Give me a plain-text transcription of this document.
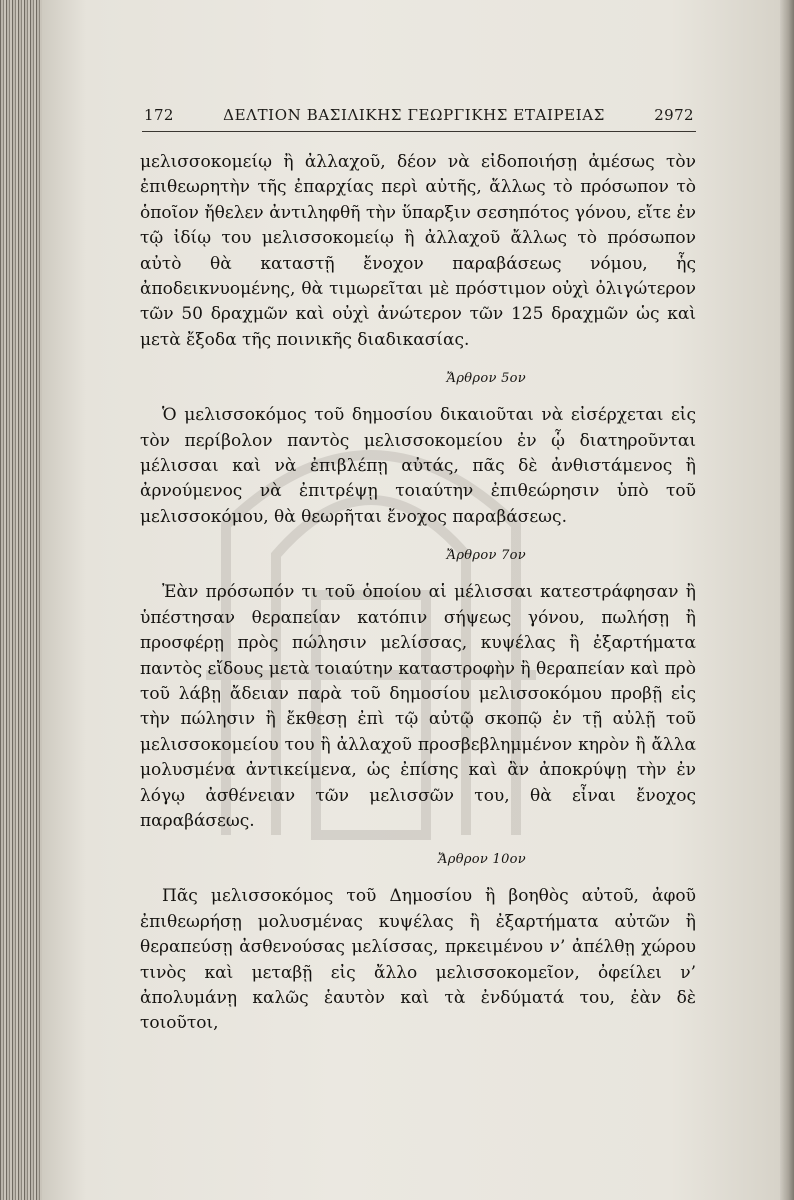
172	ΔΕΛΤΙΟΝ ΒΑΣΙΛΙΚΗΣ ΓΕΩΡΓΙΚΗΣ ΕΤΑΙΡΕΙΑΣ	2972

μελισσοκομείῳ ἢ ἀλλαχοῦ, δέον νὰ εἰδοποιήσῃ ἀμέσως τὸν ἐπιθεωρητὴν τῆς ἐπαρχίας περὶ αὐτῆς, ἄλλως τὸ πρόσωπον τὸ ὁποῖον ἤθελεν ἀντιληφθῆ τὴν ὕπαρξιν σεσηπότος γόνου, εἴτε ἐν τῷ ἰδίῳ του μελισσοκομείῳ ἢ ἀλλαχοῦ ἄλλως τὸ πρόσωπον αὐτὸ θὰ καταστῇ ἔνοχον παραβάσεως νόμου, ἧς ἀποδεικνυομένης, θὰ τιμωρεῖται μὲ πρόστιμον οὐχὶ ὀλιγώτερον τῶν 50 δραχμῶν καὶ οὐχὶ ἀνώτερον τῶν 125 δραχμῶν ὡς καὶ μετὰ ἔξοδα τῆς ποινικῆς διαδικασίας.

Ἄρθρον 5ον

Ὁ μελισσοκόμος τοῦ δημοσίου δικαιοῦται νὰ εἰσέρχεται εἰς τὸν περίβολον παντὸς μελισσοκομείου ἐν ᾧ διατηροῦνται μέλισσαι καὶ νὰ ἐπιβλέπῃ αὐτάς, πᾶς δὲ ἀνθιστάμενος ἢ ἀρνούμενος νὰ ἐπιτρέψῃ τοιαύτην ἐπιθεώρησιν ὑπὸ τοῦ μελισσοκόμου, θὰ θεωρῆται ἔνοχος παραβάσεως.

Ἄρθρον 7ον

Ἐὰν πρόσωπόν τι τοῦ ὁποίου αἱ μέλισσαι κατεστράφησαν ἢ ὑπέστησαν θεραπείαν κατόπιν σήψεως γόνου, πωλήσῃ ἢ προσφέρῃ πρὸς πώλησιν μελίσσας, κυψέλας ἢ ἐξαρτήματα παντὸς εἴδους μετὰ τοιαύτην καταστροφὴν ἢ θεραπείαν καὶ πρὸ τοῦ λάβῃ ἄδειαν παρὰ τοῦ δημοσίου μελισσοκόμου προβῇ εἰς τὴν πώλησιν ἢ ἔκθεσῃ ἐπὶ τῷ αὐτῷ σκοπῷ ἐν τῇ αὐλῇ τοῦ μελισσοκομείου του ἢ ἀλλαχοῦ προσβεβλημμένον κηρὸν ἢ ἄλλα μολυσμένα ἀντικείμενα, ὡς ἐπίσης καὶ ἂν ἀποκρύψῃ τὴν ἐν λόγῳ ἀσθένειαν τῶν μελισσῶν του, θὰ εἶναι ἔνοχος παραβάσεως.

Ἄρθρον 10ον

Πᾶς μελισσοκόμος τοῦ Δημοσίου ἢ βοηθὸς αὐτοῦ, ἀφοῦ ἐπιθεωρήσῃ μολυσμένας κυψέλας ἢ ἐξαρτήματα αὐτῶν ἢ θεραπεύσῃ ἀσθενούσας μελίσσας, πρκειμένου ν’ ἀπέλθῃ χώρου τινὸς καὶ μεταβῇ εἰς ἄλλο μελισσοκομεῖον, ὀφείλει ν’ ἀπολυμάνῃ καλῶς ἑαυτὸν καὶ τὰ ἐνδύματά του, ἐὰν δὲ τοιοῦτοι,
